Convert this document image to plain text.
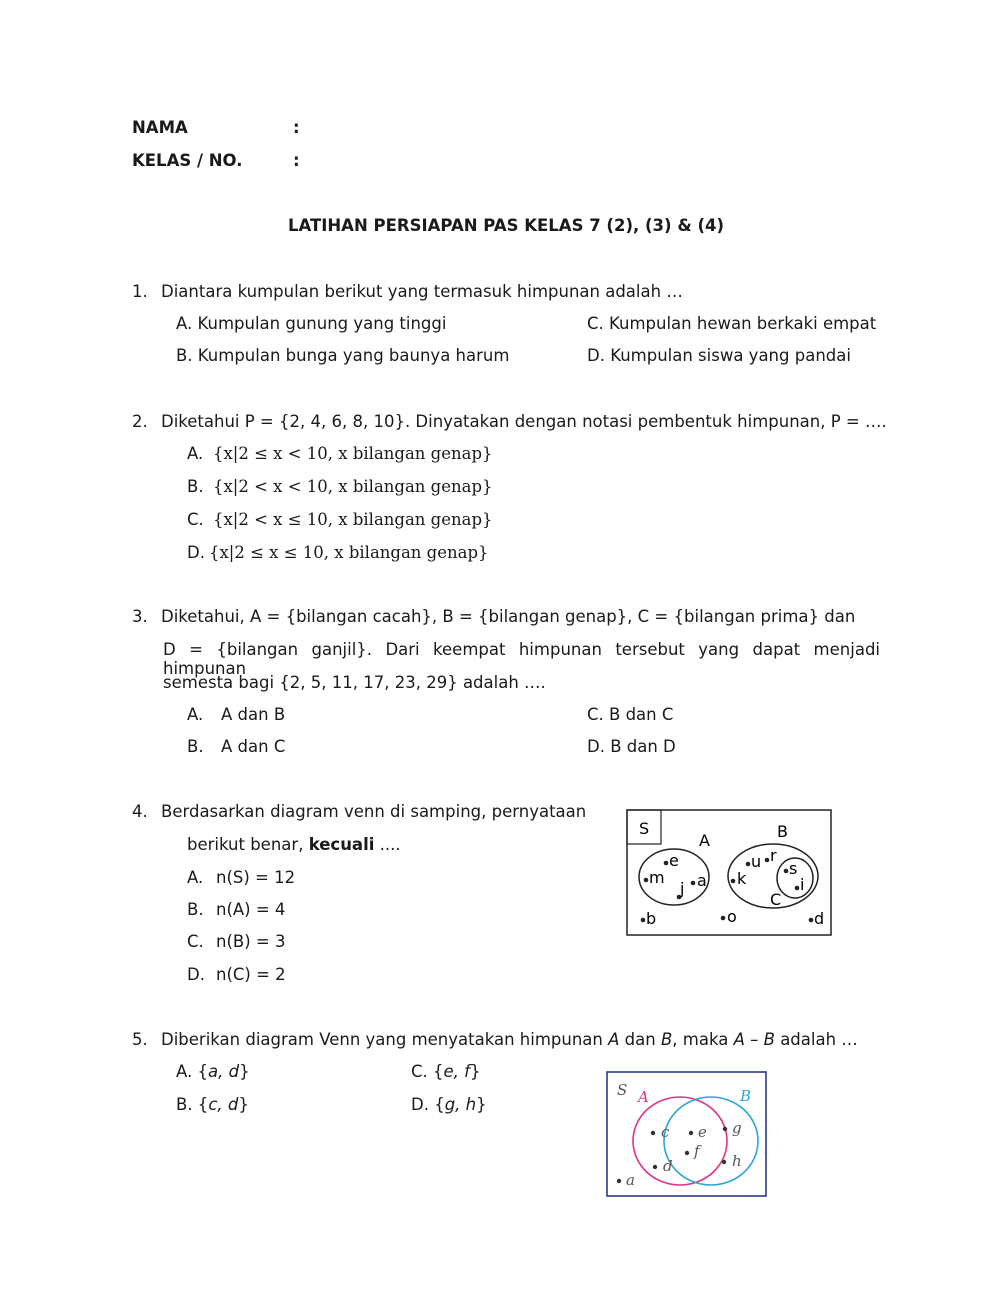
NAMA	:
KELAS / NO.	:
LATIHAN PERSIAPAN PAS KELAS 7 (2), (3) & (4)
1. Diantara kumpulan berikut yang termasuk himpunan adalah …
A. Kumpulan gunung yang tinggi	C. Kumpulan hewan berkaki empat
B. Kumpulan bunga yang baunya harum	D. Kumpulan siswa yang pandai
2. Diketahui P = {2, 4, 6, 8, 10}. Dinyatakan dengan notasi pembentuk himpunan, P = ….
A. {x|2 ≤ x < 10, x bilangan genap}
B. {x|2 < x < 10, x bilangan genap}
C. {x|2 < x ≤ 10, x bilangan genap}
D. {x|2 ≤ x ≤ 10, x bilangan genap}
3. Diketahui, A = {bilangan cacah}, B = {bilangan genap}, C = {bilangan prima} dan
D = {bilangan ganjil}. Dari keempat himpunan tersebut yang dapat menjadi himpunan
semesta bagi {2, 5, 11, 17, 23, 29} adalah ….
A. A dan B	C. B dan C
B. A dan C	D. B dan D
4. Berdasarkan diagram venn di samping, pernyataan
berikut benar, kecuali ....
A. n(S) = 12
B. n(A) = 4
C. n(B) = 3
D. n(C) = 2
S
A	B
C
e
m a
j
u r
k
s
i
b	o	d
5. Diberikan diagram Venn yang menyatakan himpunan A dan B, maka A – B adalah …
A. {a, d}	C. {e, f}
B. {c, d}	D. {g, h}
S A	B
c
d
e
f
g
h
a
